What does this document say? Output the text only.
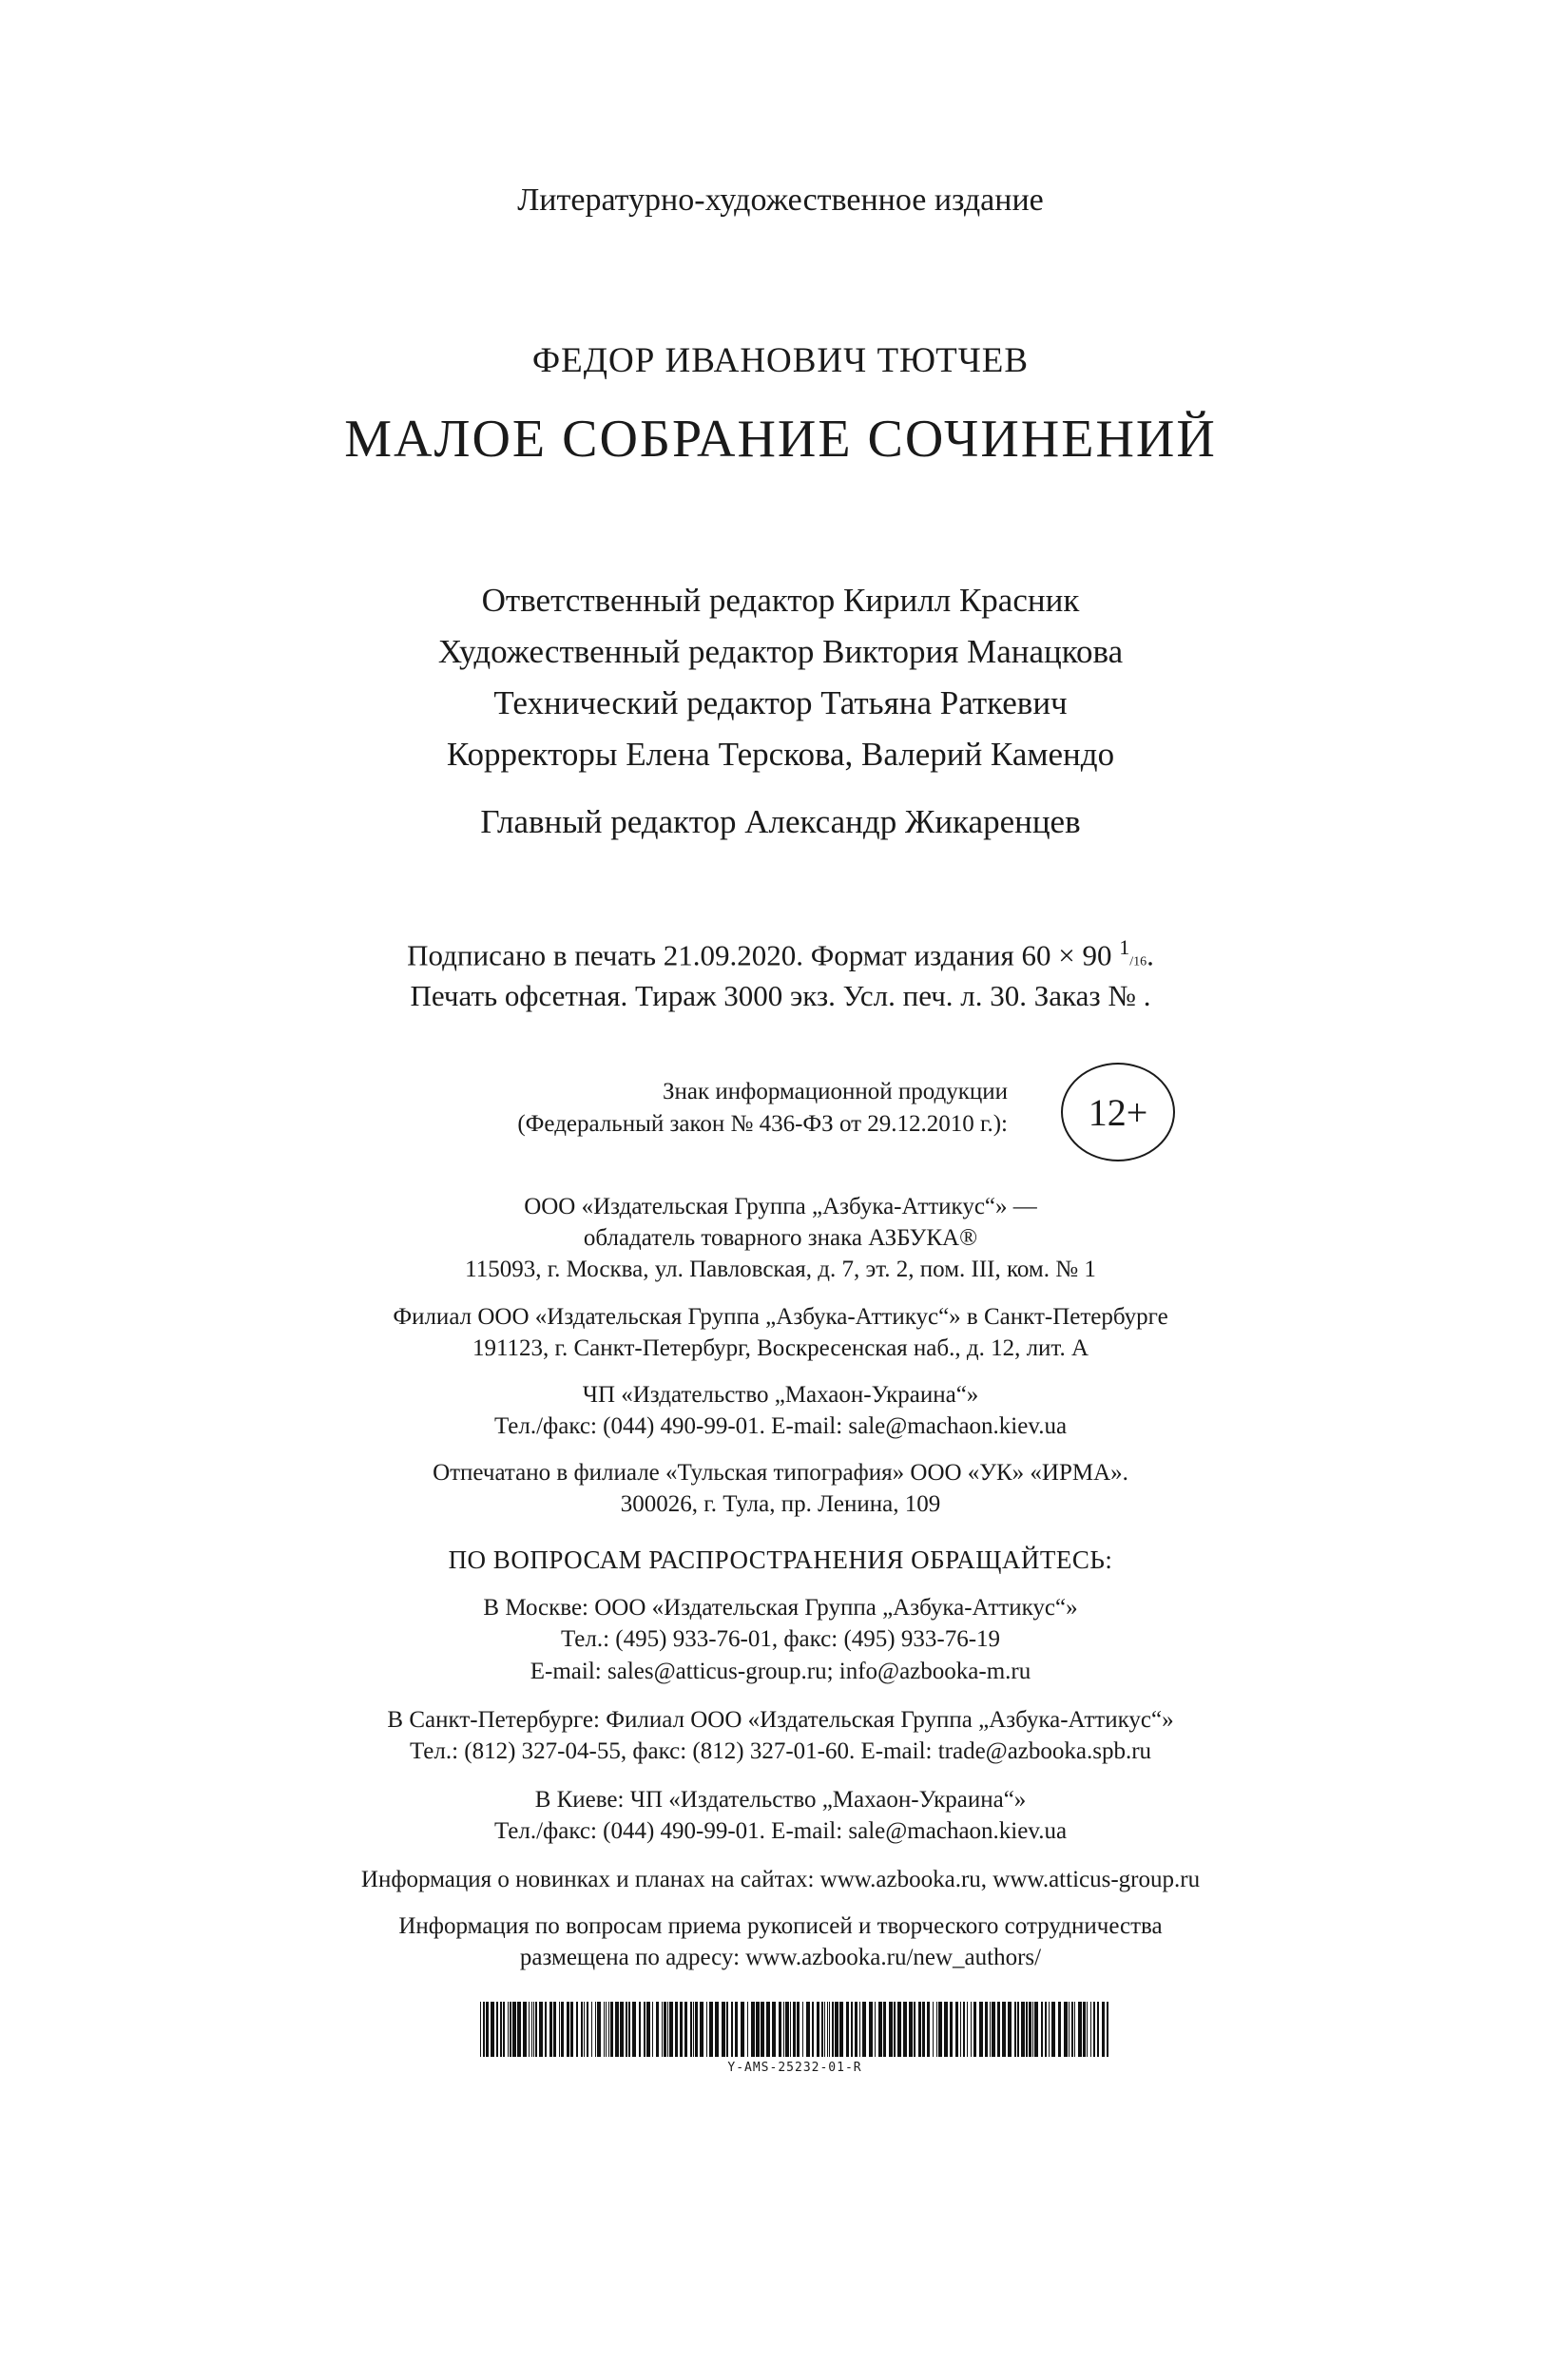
Литературно-художественное издание
ФЕДОР ИВАНОВИЧ ТЮТЧЕВ
МАЛОЕ СОБРАНИЕ СОЧИНЕНИЙ
Ответственный редактор Кирилл Красник
Художественный редактор Виктория Манацкова
Технический редактор Татьяна Раткевич
Корректоры Елена Терскова, Валерий Камендо
Главный редактор Александр Жикаренцев
Подписано в печать 21.09.2020. Формат издания 60 × 90 $^1$/16.
Печать офсетная. Тираж 3000 экз. Усл. печ. л. 30. Заказ № .
Знак информационной продукции
(Федеральный закон № 436-ФЗ от 29.12.2010 г.):	12+
ООО «Издательская Группа „Азбука-Аттикус“» —
обладатель товарного знака АЗБУКА®
115093, г. Москва, ул. Павловская, д. 7, эт. 2, пом. III, ком. № 1
Филиал ООО «Издательская Группа „Азбука-Аттикус“» в Санкт-Петербурге
191123, г. Санкт-Петербург, Воскресенская наб., д. 12, лит. А
ЧП «Издательство „Махаон-Украина“»
Тел./факс: (044) 490-99-01. E-mail: sale@machaon.kiev.ua
Отпечатано в филиале «Тульская типография» ООО «УК» «ИРМА».
300026, г. Тула, пр. Ленина, 109
ПО ВОПРОСАМ РАСПРОСТРАНЕНИЯ ОБРАЩАЙТЕСЬ:
В Москве: ООО «Издательская Группа „Азбука-Аттикус“»
Тел.: (495) 933-76-01, факс: (495) 933-76-19
E-mail: sales@atticus-group.ru; info@azbooka-m.ru
В Санкт-Петербурге: Филиал ООО «Издательская Группа „Азбука-Аттикус“»
Тел.: (812) 327-04-55, факс: (812) 327-01-60. E-mail: trade@azbooka.spb.ru
В Киеве: ЧП «Издательство „Махаон-Украина“»
Тел./факс: (044) 490-99-01. E-mail: sale@machaon.kiev.ua
Информация о новинках и планах на сайтах: www.azbooka.ru, www.atticus-group.ru
Информация по вопросам приема рукописей и творческого сотрудничества
размещена по адресу: www.azbooka.ru/new_authors/
Y-AMS-25232-01-R
